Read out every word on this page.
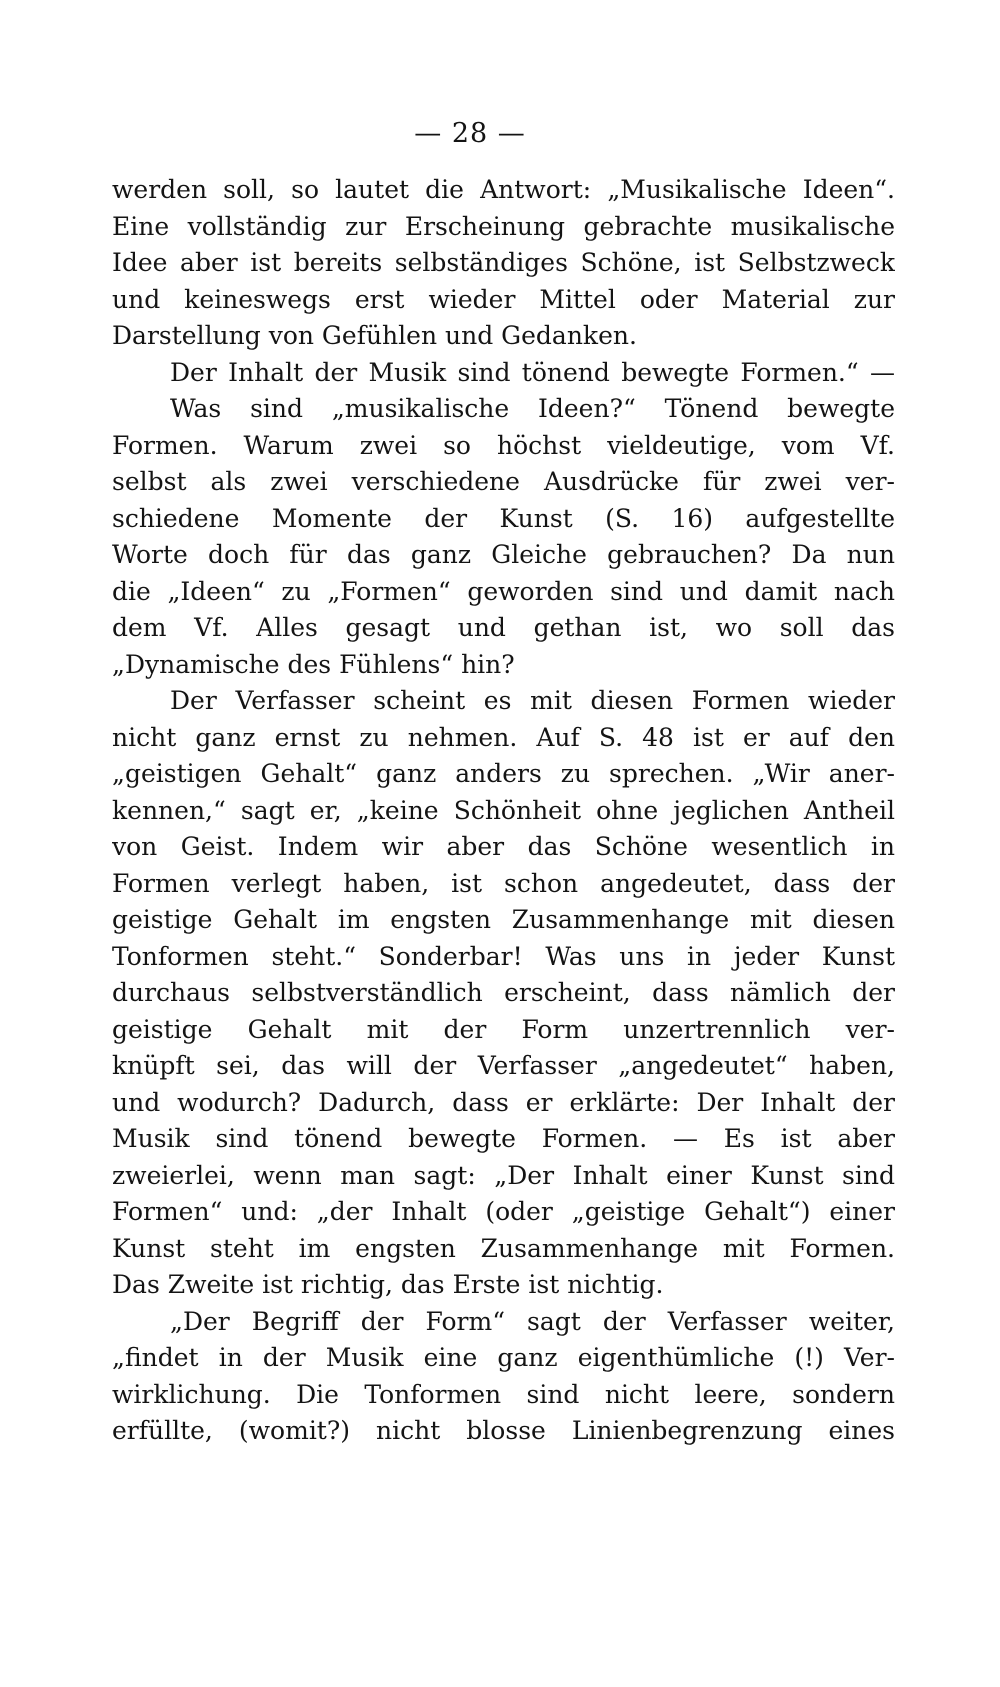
— 28 —
werden soll, so lautet die Antwort: „Musikalische Ideen“.
Eine vollständig zur Erscheinung gebrachte musikalische
Idee aber ist bereits selbständiges Schöne, ist Selbstzweck
und keineswegs erst wieder Mittel oder Material zur
Darstellung von Gefühlen und Gedanken.
Der Inhalt der Musik sind tönend bewegte Formen.“ —
Was sind „musikalische Ideen?“ Tönend bewegte
Formen. Warum zwei so höchst vieldeutige, vom Vf.
selbst als zwei verschiedene Ausdrücke für zwei ver-
schiedene Momente der Kunst (S. 16) aufgestellte
Worte doch für das ganz Gleiche gebrauchen? Da nun
die „Ideen“ zu „Formen“ geworden sind und damit nach
dem Vf. Alles gesagt und gethan ist, wo soll das
„Dynamische des Fühlens“ hin?
Der Verfasser scheint es mit diesen Formen wieder
nicht ganz ernst zu nehmen. Auf S. 48 ist er auf den
„geistigen Gehalt“ ganz anders zu sprechen. „Wir aner-
kennen,“ sagt er, „keine Schönheit ohne jeglichen Antheil
von Geist. Indem wir aber das Schöne wesentlich in
Formen verlegt haben, ist schon angedeutet, dass der
geistige Gehalt im engsten Zusammenhange mit diesen
Tonformen steht.“ Sonderbar! Was uns in jeder Kunst
durchaus selbstverständlich erscheint, dass nämlich der
geistige Gehalt mit der Form unzertrennlich ver-
knüpft sei, das will der Verfasser „angedeutet“ haben,
und wodurch? Dadurch, dass er erklärte: Der Inhalt der
Musik sind tönend bewegte Formen. — Es ist aber
zweierlei, wenn man sagt: „Der Inhalt einer Kunst sind
Formen“ und: „der Inhalt (oder „geistige Gehalt“) einer
Kunst steht im engsten Zusammenhange mit Formen.
Das Zweite ist richtig, das Erste ist nichtig.
„Der Begriff der Form“ sagt der Verfasser weiter,
„findet in der Musik eine ganz eigenthümliche (!) Ver-
wirklichung. Die Tonformen sind nicht leere, sondern
erfüllte, (womit?) nicht blosse Linienbegrenzung eines
